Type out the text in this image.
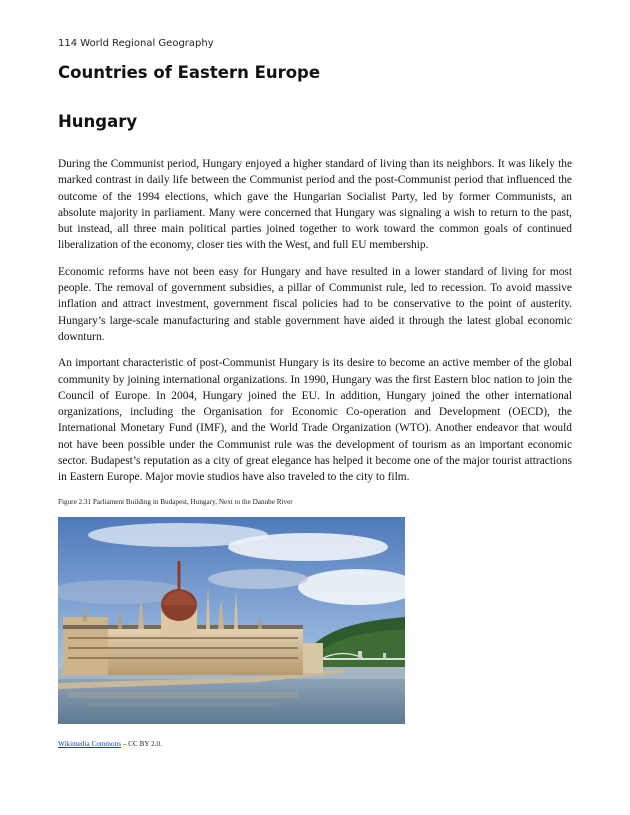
114 World Regional Geography
Countries of Eastern Europe
Hungary

During the Communist period, Hungary enjoyed a higher standard of living than its neighbors. It was likely the marked contrast in daily life between the Communist period and the post-Communist period that influenced the outcome of the 1994 elections, which gave the Hungarian Socialist Party, led by former Communists, an absolute majority in parliament. Many were concerned that Hungary was signaling a wish to return to the past, but instead, all three main political parties joined together to work toward the common goals of continued liberalization of the economy, closer ties with the West, and full EU membership.

Economic reforms have not been easy for Hungary and have resulted in a lower standard of living for most people. The removal of government subsidies, a pillar of Communist rule, led to recession. To avoid massive inflation and attract investment, government fiscal policies had to be conservative to the point of austerity. Hungary’s large-scale manufacturing and stable government have aided it through the latest global economic downturn.

An important characteristic of post-Communist Hungary is its desire to become an active member of the global community by joining international organizations. In 1990, Hungary was the first Eastern bloc nation to join the Council of Europe. In 2004, Hungary joined the EU. In addition, Hungary joined the other international organizations, including the Organisation for Economic Co-operation and Development (OECD), the International Monetary Fund (IMF), and the World Trade Organization (WTO). Another endeavor that would not have been possible under the Communist rule was the development of tourism as an important economic sector. Budapest’s reputation as a city of great elegance has helped it become one of the major tourist attractions in Eastern Europe. Major movie studios have also traveled to the city to film.

Figure 2.31 Parliament Building in Budapest, Hungary, Next to the Danube River
Wikimedia Commons – CC BY 2.0.
